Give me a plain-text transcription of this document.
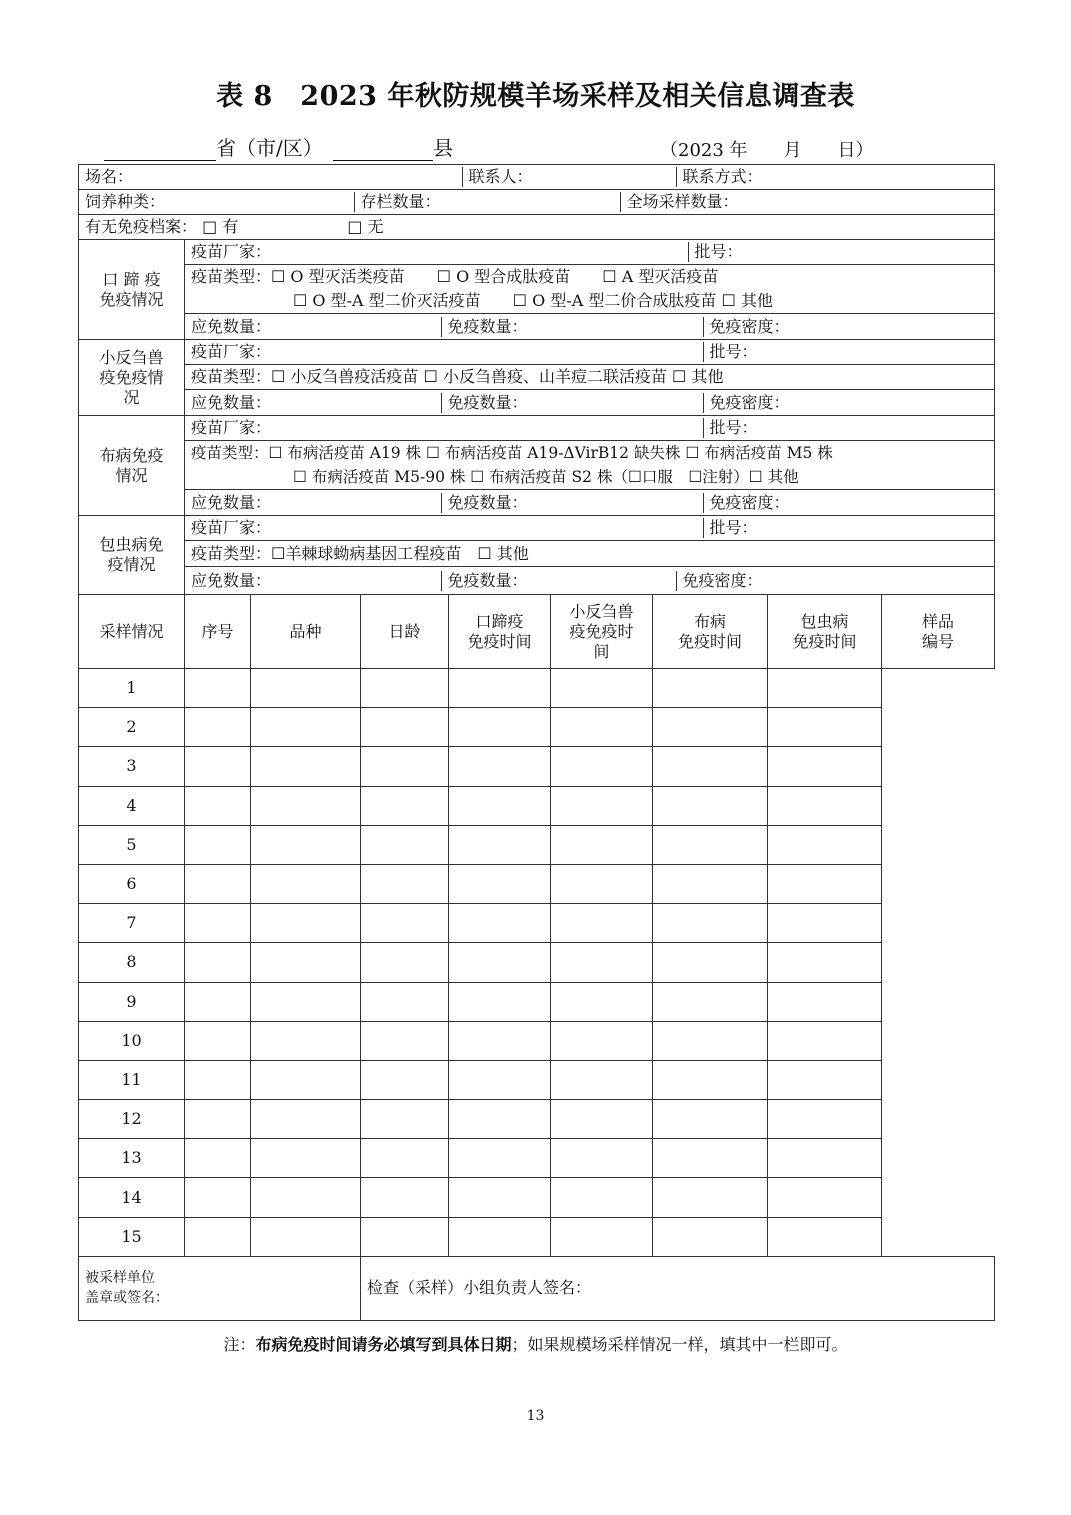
表 8　2023 年秋防规模羊场采样及相关信息调查表
省（市/区）	县	（2023 年　　月　　日）
场名：	联系人：	联系方式：

饲养种类：	存栏数量：	全场采样数量：

有无免疫档案： □ 有	□ 无
口 蹄 疫
免疫情况	
疫苗厂家：	批号：

疫苗类型：☐ O 型灭活类疫苗　　☐ O 型合成肽疫苗　　☐ A 型灭活疫苗
☐ O 型-A 型二价灭活疫苗　　☐ O 型-A 型二价合成肽疫苗 ☐ 其他

应免数量：	免疫数量：	免疫密度：

小反刍兽
疫免疫情
况	
疫苗厂家：	批号：

疫苗类型：☐ 小反刍兽疫活疫苗 ☐ 小反刍兽疫、山羊痘二联活疫苗 ☐ 其他

应免数量：	免疫数量：	免疫密度：

布病免疫
情况	
疫苗厂家：	批号：

疫苗类型：☐ 布病活疫苗 A19 株 ☐ 布病活疫苗 A19-ΔVirB12 缺失株 ☐ 布病活疫苗 M5 株
☐ 布病活疫苗 M5-90 株 ☐ 布病活疫苗 S2 株（☐口服　☐注射）☐ 其他

应免数量：	免疫数量：	免疫密度：

包虫病免
疫情况	
疫苗厂家：	批号：

疫苗类型：☐羊棘球蚴病基因工程疫苗　☐ 其他

应免数量：	免疫数量：	免疫密度：

采样情况	序号	品种	日龄	口蹄疫
免疫时间	小反刍兽
疫免疫时
间	布病
免疫时间	包虫病
免疫时间	样品
编号
1							
2							
3							
4							
5							
6							
7							
8							
9							
10							
11							
12							
13							
14							
15							
被采样单位
盖章或签名：	检查（采样）小组负责人签名：
注：布病免疫时间请务必填写到具体日期；如果规模场采样情况一样，填其中一栏即可。
13
